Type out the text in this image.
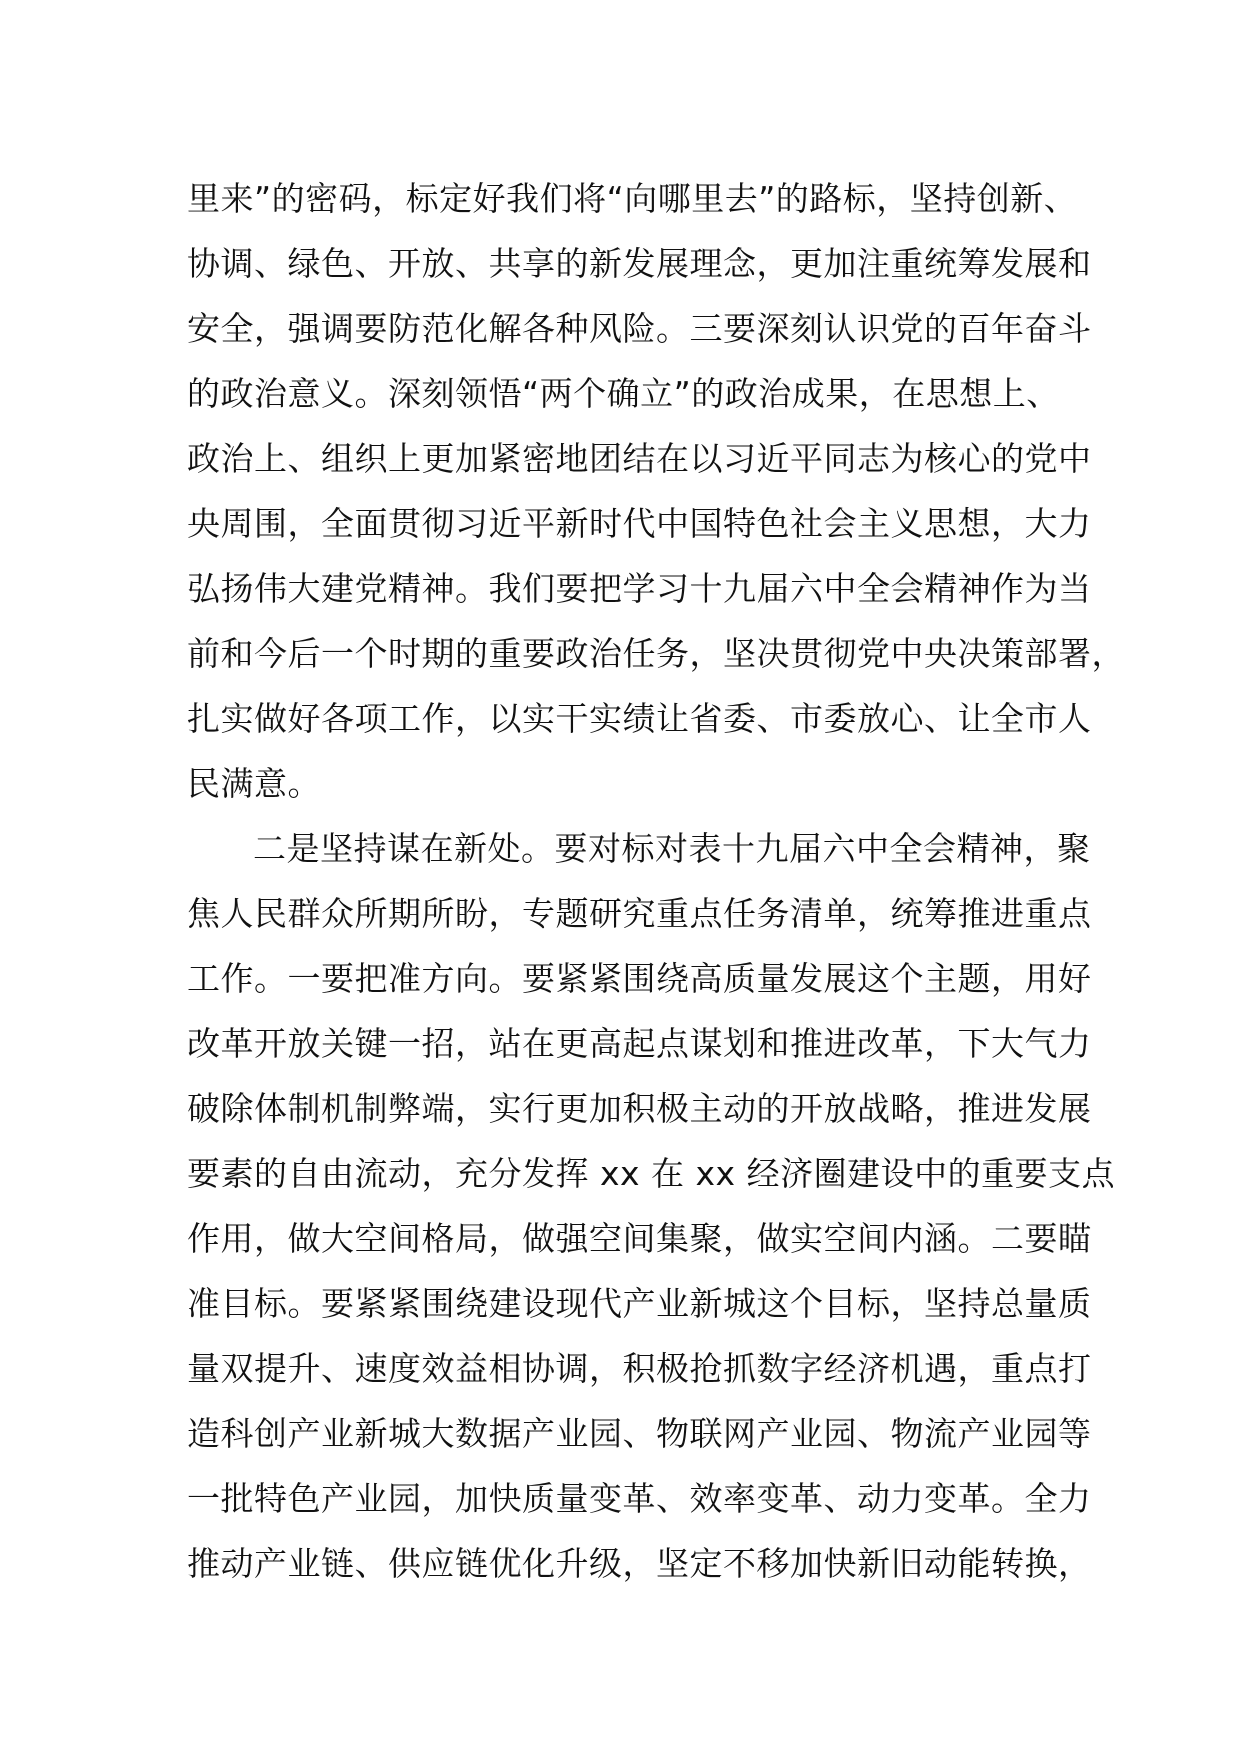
里来”的密码，标定好我们将“向哪里去”的路标，坚持创新、
协调、绿色、开放、共享的新发展理念，更加注重统筹发展和
安全，强调要防范化解各种风险。三要深刻认识党的百年奋斗
的政治意义。深刻领悟“两个确立”的政治成果，在思想上、
政治上、组织上更加紧密地团结在以习近平同志为核心的党中
央周围，全面贯彻习近平新时代中国特色社会主义思想，大力
弘扬伟大建党精神。我们要把学习十九届六中全会精神作为当
前和今后一个时期的重要政治任务，坚决贯彻党中央决策部署，
扎实做好各项工作，以实干实绩让省委、市委放心、让全市人
民满意。
二是坚持谋在新处。要对标对表十九届六中全会精神，聚
焦人民群众所期所盼，专题研究重点任务清单，统筹推进重点
工作。一要把准方向。要紧紧围绕高质量发展这个主题，用好
改革开放关键一招，站在更高起点谋划和推进改革，下大气力
破除体制机制弊端，实行更加积极主动的开放战略，推进发展
要素的自由流动，充分发挥 xx 在 xx 经济圈建设中的重要支点
作用，做大空间格局，做强空间集聚，做实空间内涵。二要瞄
准目标。要紧紧围绕建设现代产业新城这个目标，坚持总量质
量双提升、速度效益相协调，积极抢抓数字经济机遇，重点打
造科创产业新城大数据产业园、物联网产业园、物流产业园等
一批特色产业园，加快质量变革、效率变革、动力变革。全力
推动产业链、供应链优化升级，坚定不移加快新旧动能转换，
